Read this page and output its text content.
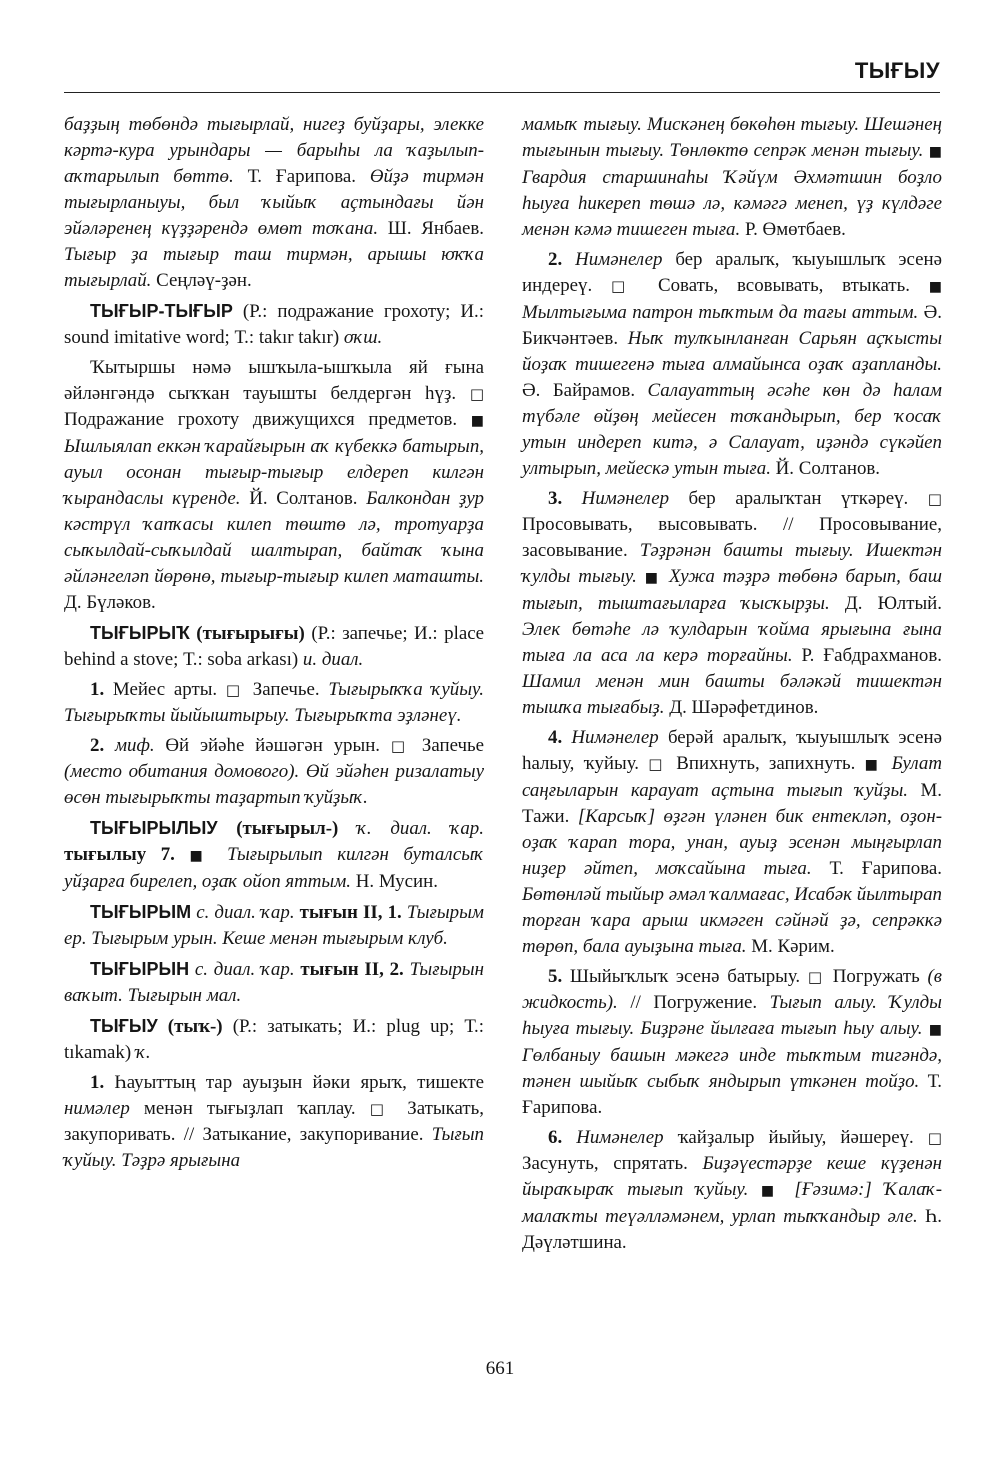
ТЫҒЫУ

баҙҙың төбөндә тығырлай, нигеҙ буйҙары, элекке кәртә-кура урындары — барыһы ла ҡаҙылып-аҡтарылып бөттө. Т. Ғарипова. Өйҙә тирмән тығырланыуы, был ҡыйыҡ аҫтындағы йән эйәләренең күҙҙәрендә өмөт тоҡана. Ш. Янбаев. Тығыр ҙа тығыр таш тирмән, арышы юҡҡа тығырлай. Сеңләү-ҙән.

ТЫҒЫР-ТЫҒЫР (Р.: подражание грохоту; И.: sound imitative word; Т.: takır takır) оҡш.

Ҡытыршы нәмә ышҡыла-ышҡыла яй ғына әйләнгәндә сыҡҡан тауышты белдергән һүҙ. □ Подражание грохоту движущихся предметов. ■ Ышлыялап еккән ҡарайғырын аҡ күбеккә батырып, ауыл осонан тығыр-тығыр елдереп килгән ҡырандаслы күренде. Й. Солтанов. Балкондан ҙур кәстрүл ҡапҡасы килеп төштө лә, тротуарҙа сыҡылдай-сыҡылдай шалтырап, байтаҡ ҡына әйләнгеләп йөрөнө, тығыр-тығыр килеп маташты. Д. Бүләков.

ТЫҒЫРЫҠ (тығырығы) (Р.: запечье; И.: place behind a stove; Т.: soba arkası) и. диал.

1. Мейес арты. □ Запечье. Тығырыҡҡа ҡуйыу. Тығырыҡты йыйыштырыу. Тығырыҡта эҙләнеү.

2. миф. Өй эйәһе йәшәгән урын. □ Запечье (место обитания домового). Өй эйәһен ризалатыу өсөн тығырыҡты таҙартып ҡуйҙыҡ.

ТЫҒЫРЫЛЫУ (тығырыл-) ҡ. диал. ҡар. тығылыу 7. ■ Тығырылып килгән буталсыҡ уйҙарға бирелеп, оҙаҡ ойоп яттым. Н. Мусин.

ТЫҒЫРЫМ с. диал. ҡар. тығын II, 1. Тығырым ер. Тығырым урын. Кеше менән тығырым клуб.

ТЫҒЫРЫН с. диал. ҡар. тығын II, 2. Тығырын ваҡыт. Тығырын мал.

ТЫҒЫУ (тыҡ-) (Р.: затыкать; И.: plug up; Т.: tıkamak) ҡ.

1. Һауыттың тар ауыҙын йәки ярыҡ, тишекте нимәлер менән тығыҙлап ҡаплау. □ Затыкать, закупоривать. // Затыкание, закупоривание. Тығып ҡуйыу. Тәҙрә ярығына

мамыҡ тығыу. Мискәнең бөкөһөн тығыу. Шешәнең тығынын тығыу. Төнлөктө сепрәк менән тығыу. ■ Гвардия старшинаһы Ҡәйүм Әхмәтшин боҙло һыуға һикереп төшә лә, кәмәгә менеп, үҙ күлдәге менән кәмә тишеген тыға. Р. Өмөтбаев.

2. Нимәнелер бер аралыҡ, ҡыуышлыҡ эсенә индереү. □ Совать, всовывать, втыкать. ■ Мылтығыма патрон тыҡтым да тағы аттым. Ә. Бикчәнтәев. Ныҡ тулҡынланған Сарьян аҫҡысты йоҙаҡ тишегенә тыға алмайынса оҙаҡ аҙапланды. Ә. Байрамов. Салауаттың әсәһе көн дә һалам түбәле өйҙөң мейесен тоҡандырып, бер ҡосаҡ утын индереп китә, ә Салауат, иҙәндә сүкәйеп ултырып, мейескә утын тыға. Й. Солтанов.

3. Нимәнелер бер аралыҡтан үткәреү. □ Просовывать, высовывать. // Просовывание, засовывание. Тәҙрәнән башты тығыу. Ишектән ҡулды тығыу. ■ Хужа тәҙрә төбөнә барып, баш тығып, тыштағыларға ҡысҡырҙы. Д. Юлтый. Элек бөтәһе лә ҡулдарын ҡойма ярығына ғына тыға ла аса ла керә торғайны. Р. Ғабдрахманов. Шамил менән мин башты бәләкәй тишектән тышҡа тығабыҙ. Д. Шәрәфетдинов.

4. Нимәнелер берәй аралыҡ, ҡыуышлыҡ эсенә һалыу, ҡуйыу. □ Впихнуть, запихнуть. ■ Булат саңғыларын карауат аҫтына тығып ҡуйҙы. М. Тажи. [Карсыҡ] өҙгән үләнен бик ентекләп, оҙон-оҙаҡ ҡарап тора, унан, ауыҙ эсенән мыңғырлап ниҙер әйтеп, моҡсайына тыға. Т. Ғарипова. Бөтөнләй тыйыр әмәл ҡалмағас, Исабәк йылтырап торған ҡара арыш икмәген сәйнәй ҙә, сепрәккә төрөп, бала ауыҙына тыға. М. Кәрим.

5. Шыйыҡлыҡ эсенә батырыу. □ Погружать (в жидкость). // Погружение. Тығып алыу. Ҡулды һыуға тығыу. Биҙрәне йылғаға тығып һыу алыу. ■ Гөлбаныу башын мәкегә инде тыҡтым тигәндә, тәнен шыйыҡ сыбыҡ яндырып үткәнен тойҙо. Т. Ғарипова.

6. Нимәнелер ҡайҙалыр йыйыу, йәшереү. □ Засунуть, спрятать. Биҙәүестәрҙе кеше күҙенән йыраҡыраҡ тығып ҡуйыу. ■ [Ғәзимә:] Ҡалаҡ-малаҡты теүәлләмәнем, урлап тыҡҡандыр әле. Һ. Дәүләтшина.

661
